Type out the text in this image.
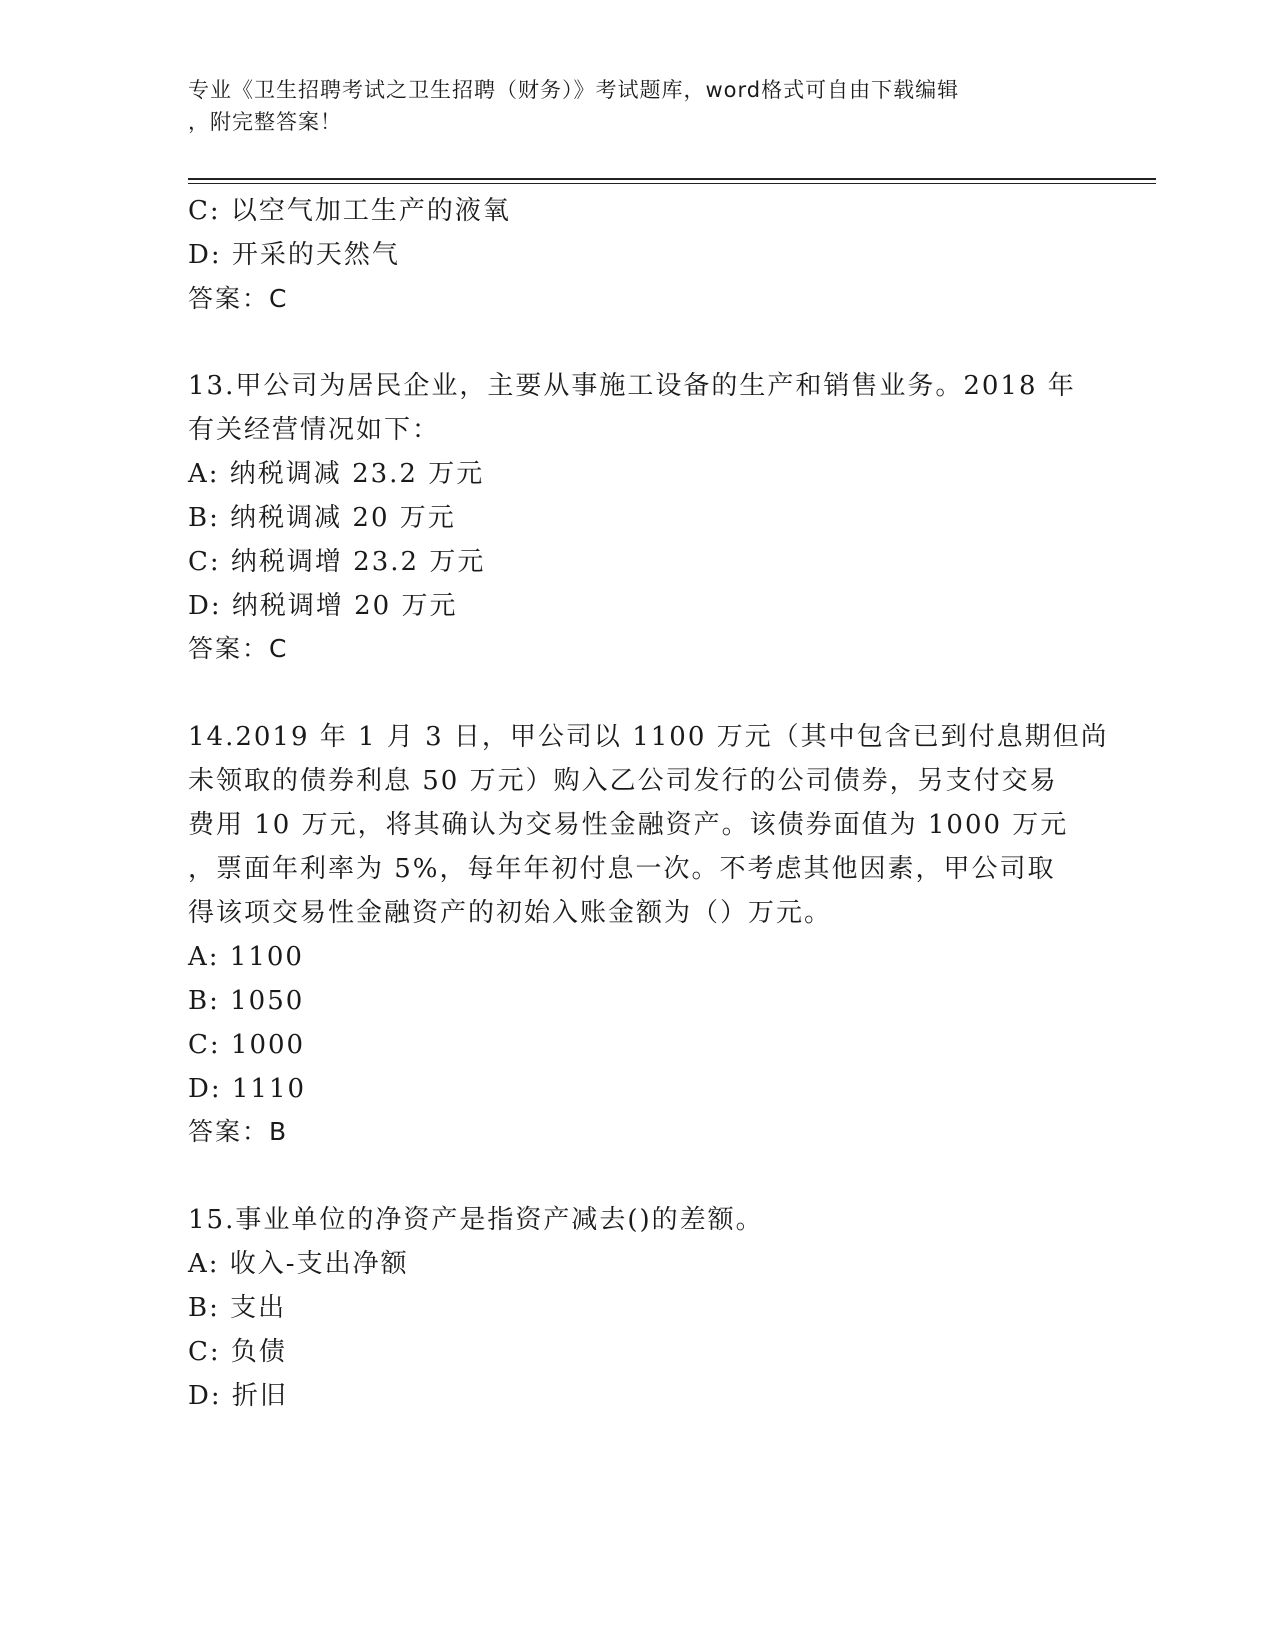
专业《卫生招聘考试之卫生招聘（财务）》考试题库，word格式可自由下载编辑
，附完整答案！
C: 以空气加工生产的液氧
D: 开采的天然气
答案：C
13.甲公司为居民企业，主要从事施工设备的生产和销售业务。2018 年
有关经营情况如下：
A: 纳税调减 23.2 万元
B: 纳税调减 20 万元
C: 纳税调增 23.2 万元
D: 纳税调增 20 万元
答案：C
14.2019 年 1 月 3 日，甲公司以 1100 万元（其中包含已到付息期但尚
未领取的债券利息 50 万元）购入乙公司发行的公司债券，另支付交易
费用 10 万元，将其确认为交易性金融资产。该债券面值为 1000 万元
，票面年利率为 5%，每年年初付息一次。不考虑其他因素，甲公司取
得该项交易性金融资产的初始入账金额为（）万元。
A: 1100
B: 1050
C: 1000
D: 1110
答案：B
15.事业单位的净资产是指资产减去()的差额。
A: 收入-支出净额
B: 支出
C: 负债
D: 折旧
